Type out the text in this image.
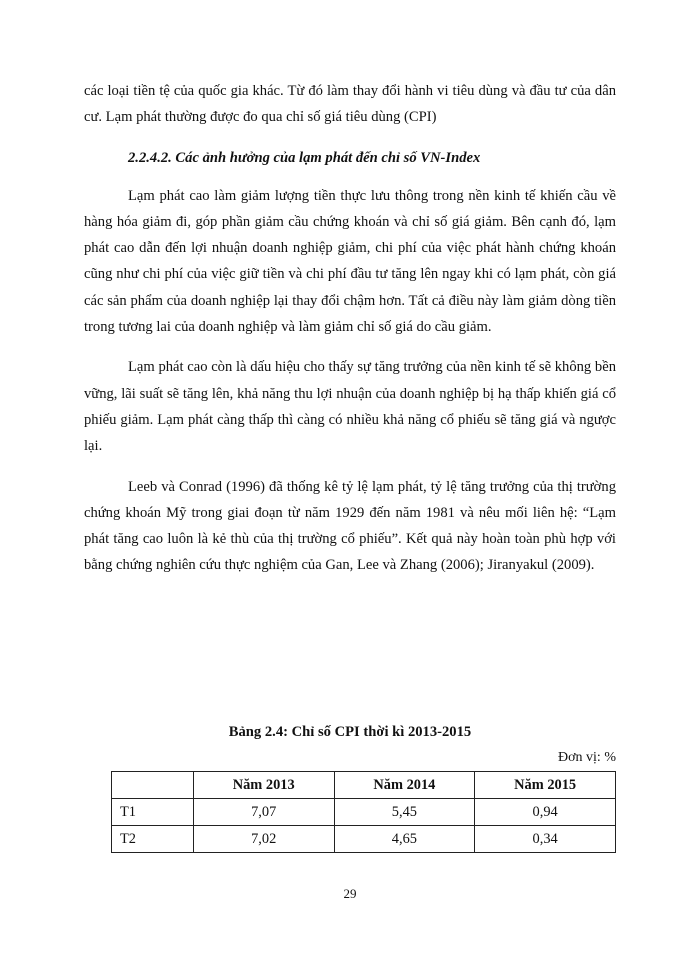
các loại tiền tệ của quốc gia khác. Từ đó làm thay đổi hành vi tiêu dùng và đầu tư của dân cư. Lạm phát thường được đo qua chỉ số giá tiêu dùng (CPI)

2.2.4.2. Các ảnh hưởng của lạm phát đến chỉ số VN-Index

Lạm phát cao làm giảm lượng tiền thực lưu thông trong nền kinh tế khiến cầu về hàng hóa giảm đi, góp phần giảm cầu chứng khoán và chỉ số giá giảm. Bên cạnh đó, lạm phát cao dẫn đến lợi nhuận doanh nghiệp giảm, chi phí của việc phát hành chứng khoán cũng như chi phí của việc giữ tiền và chi phí đầu tư tăng lên ngay khi có lạm phát, còn giá các sản phẩm của doanh nghiệp lại thay đổi chậm hơn. Tất cả điều này làm giảm dòng tiền trong tương lai của doanh nghiệp và làm giảm chỉ số giá do cầu giảm.

Lạm phát cao còn là dấu hiệu cho thấy sự tăng trưởng của nền kinh tế sẽ không bền vững, lãi suất sẽ tăng lên, khả năng thu lợi nhuận của doanh nghiệp bị hạ thấp khiến giá cổ phiếu giảm. Lạm phát càng thấp thì càng có nhiều khả năng cổ phiếu sẽ tăng giá và ngược lại.

Leeb và Conrad (1996) đã thống kê tỷ lệ lạm phát, tỷ lệ tăng trưởng của thị trường chứng khoán Mỹ trong giai đoạn từ năm 1929 đến năm 1981 và nêu mối liên hệ: “Lạm phát tăng cao luôn là kẻ thù của thị trường cổ phiếu”. Kết quả này hoàn toàn phù hợp với bằng chứng nghiên cứu thực nghiệm của Gan, Lee và Zhang (2006); Jiranyakul (2009).

Bảng 2.4: Chỉ số CPI thời kì 2013-2015
Đơn vị: %
	Năm 2013	Năm 2014	Năm 2015
T1	7,07	5,45	0,94
T2	7,02	4,65	0,34
29
